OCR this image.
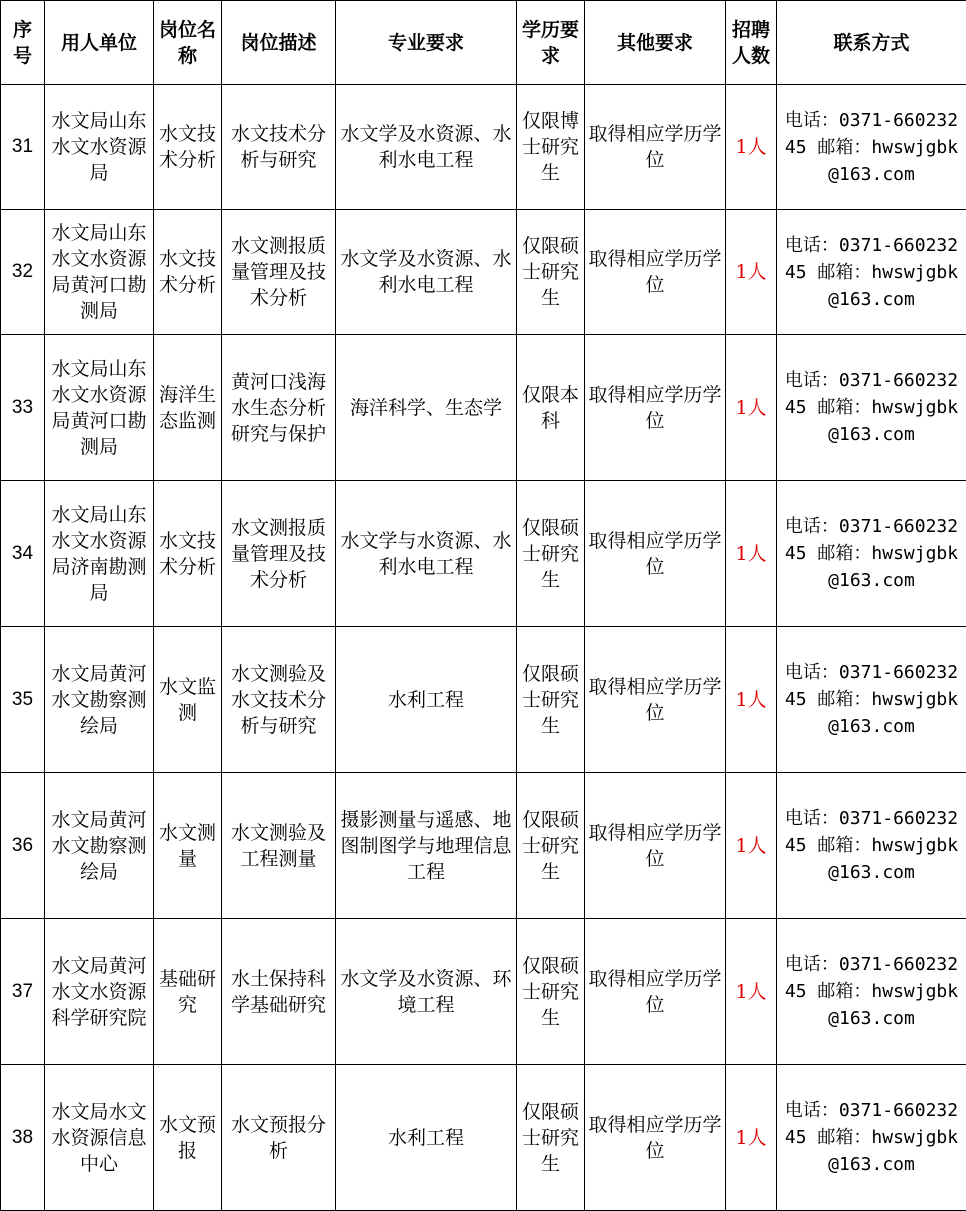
序号	用人单位	岗位名称	岗位描述	专业要求	学历要求	其他要求	招聘人数	联系方式

31	水文局山东水文水资源局	水文技术分析	水文技术分析与研究	水文学及水资源、水利水电工程	仅限博士研究生	取得相应学历学位	1人	电话：0371-66023245 邮箱：hwswjgbk@163.com

32	水文局山东水文水资源局黄河口勘测局	水文技术分析	水文测报质量管理及技术分析	水文学及水资源、水利水电工程	仅限硕士研究生	取得相应学历学位	1人	电话：0371-66023245 邮箱：hwswjgbk@163.com

33	水文局山东水文水资源局黄河口勘测局	海洋生态监测	黄河口浅海水生态分析研究与保护	海洋科学、生态学	仅限本科	取得相应学历学位	1人	电话：0371-66023245 邮箱：hwswjgbk@163.com

34	水文局山东水文水资源局济南勘测局	水文技术分析	水文测报质量管理及技术分析	水文学与水资源、水利水电工程	仅限硕士研究生	取得相应学历学位	1人	电话：0371-66023245 邮箱：hwswjgbk@163.com

35	水文局黄河水文勘察测绘局	水文监测	水文测验及水文技术分析与研究	水利工程	仅限硕士研究生	取得相应学历学位	1人	电话：0371-66023245 邮箱：hwswjgbk@163.com

36	水文局黄河水文勘察测绘局	水文测量	水文测验及工程测量	摄影测量与遥感、地图制图学与地理信息工程	仅限硕士研究生	取得相应学历学位	1人	电话：0371-66023245 邮箱：hwswjgbk@163.com

37	水文局黄河水文水资源科学研究院	基础研究	水土保持科学基础研究	水文学及水资源、环境工程	仅限硕士研究生	取得相应学历学位	1人	电话：0371-66023245 邮箱：hwswjgbk@163.com

38	水文局水文水资源信息中心	水文预报	水文预报分析	水利工程	仅限硕士研究生	取得相应学历学位	1人	电话：0371-66023245 邮箱：hwswjgbk@163.com
